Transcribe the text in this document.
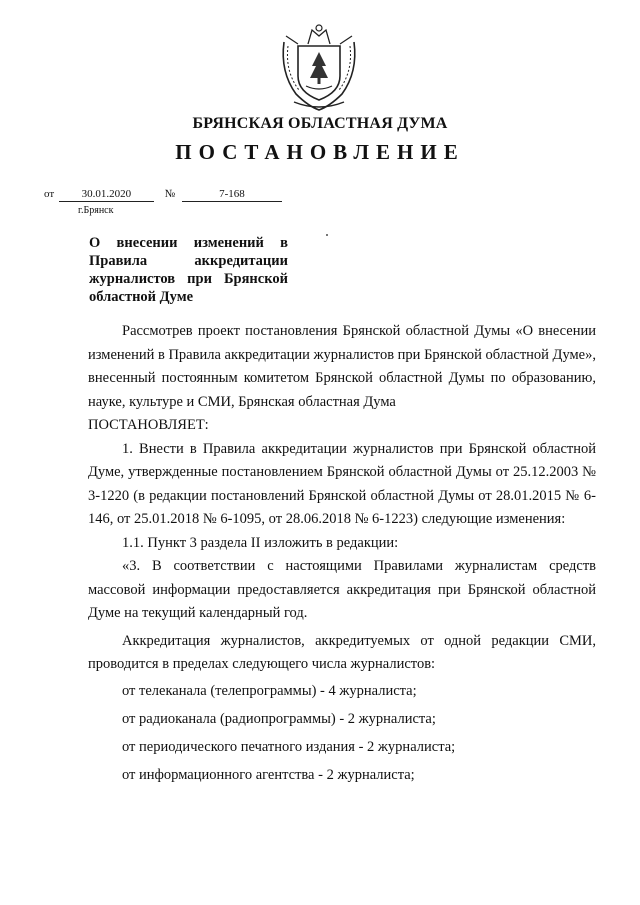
БРЯНСКАЯ ОБЛАСТНАЯ ДУМА
ПОСТАНОВЛЕНИЕ
от	30.01.2020	№	7-168
г.Брянск
О внесении изменений в
Правила аккредитации
журналистов при Брянской
областной Думе

Рассмотрев проект постановления Брянской областной Думы «О внесении изменений в Правила аккредитации журналистов при Брянской областной Думе», внесенный постоянным комитетом Брянской областной Думы по образованию, науке, культуре и СМИ, Брянская областная Дума

ПОСТАНОВЛЯЕТ:

1. Внести в Правила аккредитации журналистов при Брянской областной Думе, утвержденные постановлением Брянской областной Думы от 25.12.2003 № 3-1220 (в редакции постановлений Брянской областной Думы от 28.01.2015 № 6-146, от 25.01.2018 № 6-1095, от 28.06.2018 № 6-1223) следующие изменения:

1.1. Пункт 3 раздела II изложить в редакции:

«3. В соответствии с настоящими Правилами журналистам средств массовой информации предоставляется аккредитация при Брянской областной Думе на текущий календарный год.

Аккредитация журналистов, аккредитуемых от одной редакции СМИ, проводится в пределах следующего числа журналистов:

от телеканала (телепрограммы) - 4 журналиста;

от радиоканала (радиопрограммы) - 2 журналиста;

от периодического печатного издания - 2 журналиста;

от информационного агентства - 2 журналиста;
